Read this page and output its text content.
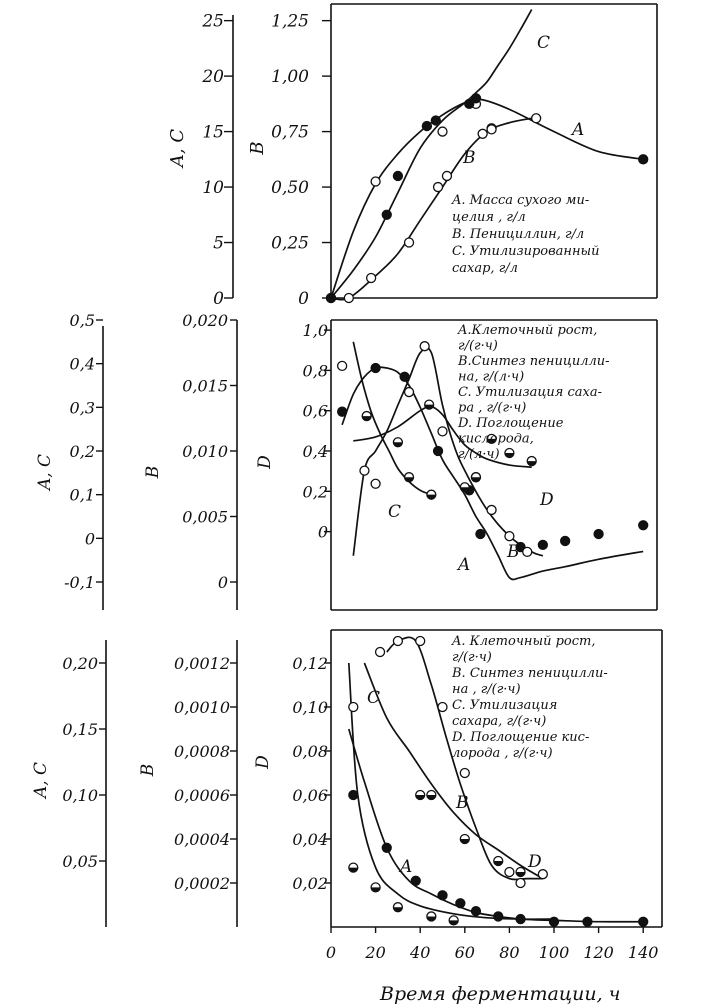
0
5
10
15
20
25
A, C
0
0,25
0,50
0,75
1,00
1,25
B
A
C
B
A. Масса сухого ми-
целия , г/л
B. Пенициллин, г/л
C. Утилизированный
сахар, г/л
-0,1
0
0,1
0,2
0,3
0,4
0,5
A, C
0
0,005
0,010
0,015
0,020
B
0
0,2
0,4
0,6
0,8
1,0
D
A
B
C
D
A.Клеточный рост,
г/(г·ч)
B.Синтез пеницилли-
на, г/(л·ч)
C. Утилизация саха-
ра , г/(г·ч)
D. Поглощение
кислорода,
г/(л·ч)
0,05
0,10
0,15
0,20
A, C
0,0002
0,0004
0,0006
0,0008
0,0010
0,0012
B
0,02
0,04
0,06
0,08
0,10
0,12
D
A
B
C
D
A. Клеточный рост,
г/(г·ч)
B. Синтез пеницилли-
на , г/(г·ч)
C. Утилизация
сахара, г/(г·ч)
D. Поглощение кис-
лорода , г/(г·ч)
0 20 40 60 80 100 120 140
Время ферментации, ч
